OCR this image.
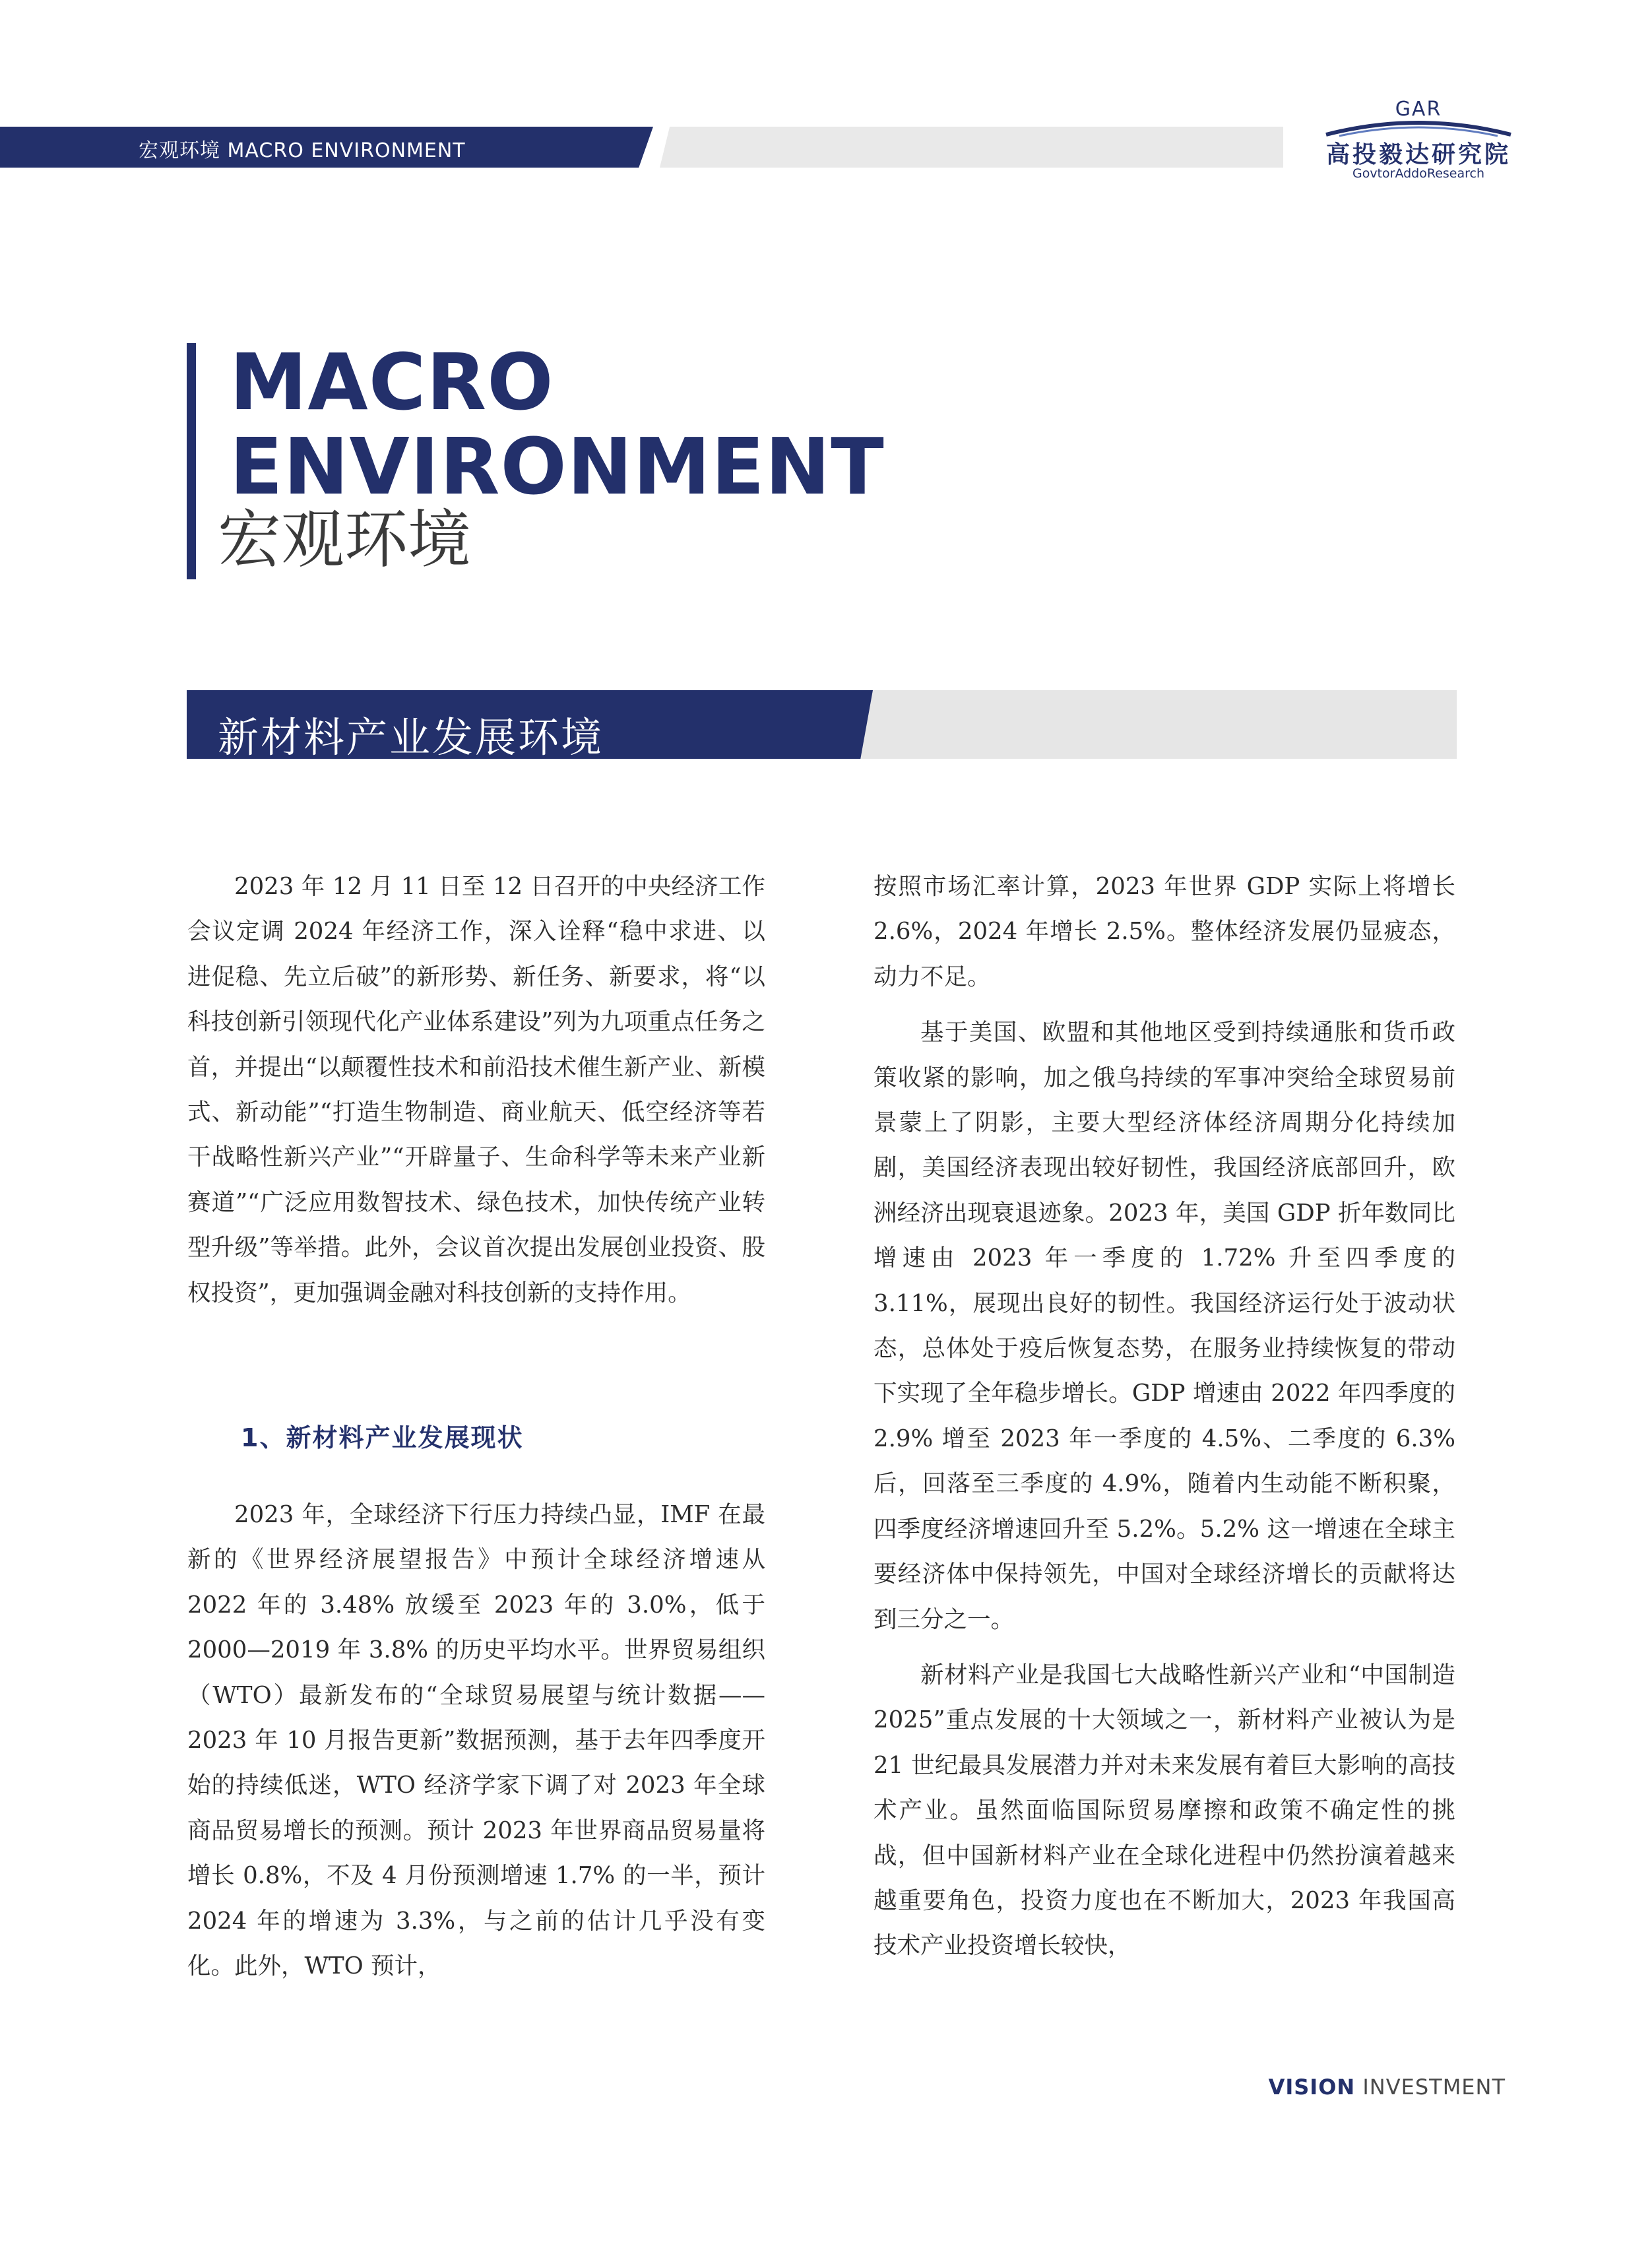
宏观环境 MACRO ENVIRONMENT
GAR
高投毅达研究院
GovtorAddoResearch
MACRO
ENVIRONMENT
宏观环境
新材料产业发展环境

2023 年 12 月 11 日至 12 日召开的中央经济工作会议定调 2024 年经济工作，深入诠释“稳中求进、以进促稳、先立后破”的新形势、新任务、新要求，将“以科技创新引领现代化产业体系建设”列为九项重点任务之首，并提出“以颠覆性技术和前沿技术催生新产业、新模式、新动能”“打造生物制造、商业航天、低空经济等若干战略性新兴产业”“开辟量子、生命科学等未来产业新赛道”“广泛应用数智技术、绿色技术，加快传统产业转型升级”等举措。此外，会议首次提出发展创业投资、股权投资”，更加强调金融对科技创新的支持作用。

1、新材料产业发展现状

2023 年，全球经济下行压力持续凸显，IMF 在最新的《世界经济展望报告》中预计全球经济增速从 2022 年的 3.48% 放缓至 2023 年的 3.0%，低于 2000—2019 年 3.8% 的历史平均水平。世界贸易组织（WTO）最新发布的“全球贸易展望与统计数据——2023 年 10 月报告更新”数据预测，基于去年四季度开始的持续低迷，WTO 经济学家下调了对 2023 年全球商品贸易增长的预测。预计 2023 年世界商品贸易量将增长 0.8%，不及 4 月份预测增速 1.7% 的一半，预计 2024 年的增速为 3.3%，与之前的估计几乎没有变化。此外，WTO 预计，

按照市场汇率计算，2023 年世界 GDP 实际上将增长 2.6%，2024 年增长 2.5%。整体经济发展仍显疲态，动力不足。

基于美国、欧盟和其他地区受到持续通胀和货币政策收紧的影响，加之俄乌持续的军事冲突给全球贸易前景蒙上了阴影，主要大型经济体经济周期分化持续加剧，美国经济表现出较好韧性，我国经济底部回升，欧洲经济出现衰退迹象。2023 年，美国 GDP 折年数同比增速由 2023 年一季度的 1.72% 升至四季度的 3.11%，展现出良好的韧性。我国经济运行处于波动状态，总体处于疫后恢复态势，在服务业持续恢复的带动下实现了全年稳步增长。GDP 增速由 2022 年四季度的 2.9% 增至 2023 年一季度的 4.5%、二季度的 6.3% 后，回落至三季度的 4.9%，随着内生动能不断积聚，四季度经济增速回升至 5.2%。5.2% 这一增速在全球主要经济体中保持领先，中国对全球经济增长的贡献将达到三分之一。

新材料产业是我国七大战略性新兴产业和“中国制造 2025”重点发展的十大领域之一，新材料产业被认为是 21 世纪最具发展潜力并对未来发展有着巨大影响的高技术产业。虽然面临国际贸易摩擦和政策不确定性的挑战，但中国新材料产业在全球化进程中仍然扮演着越来越重要角色，投资力度也在不断加大，2023 年我国高技术产业投资增长较快，

VISION INVESTMENT
